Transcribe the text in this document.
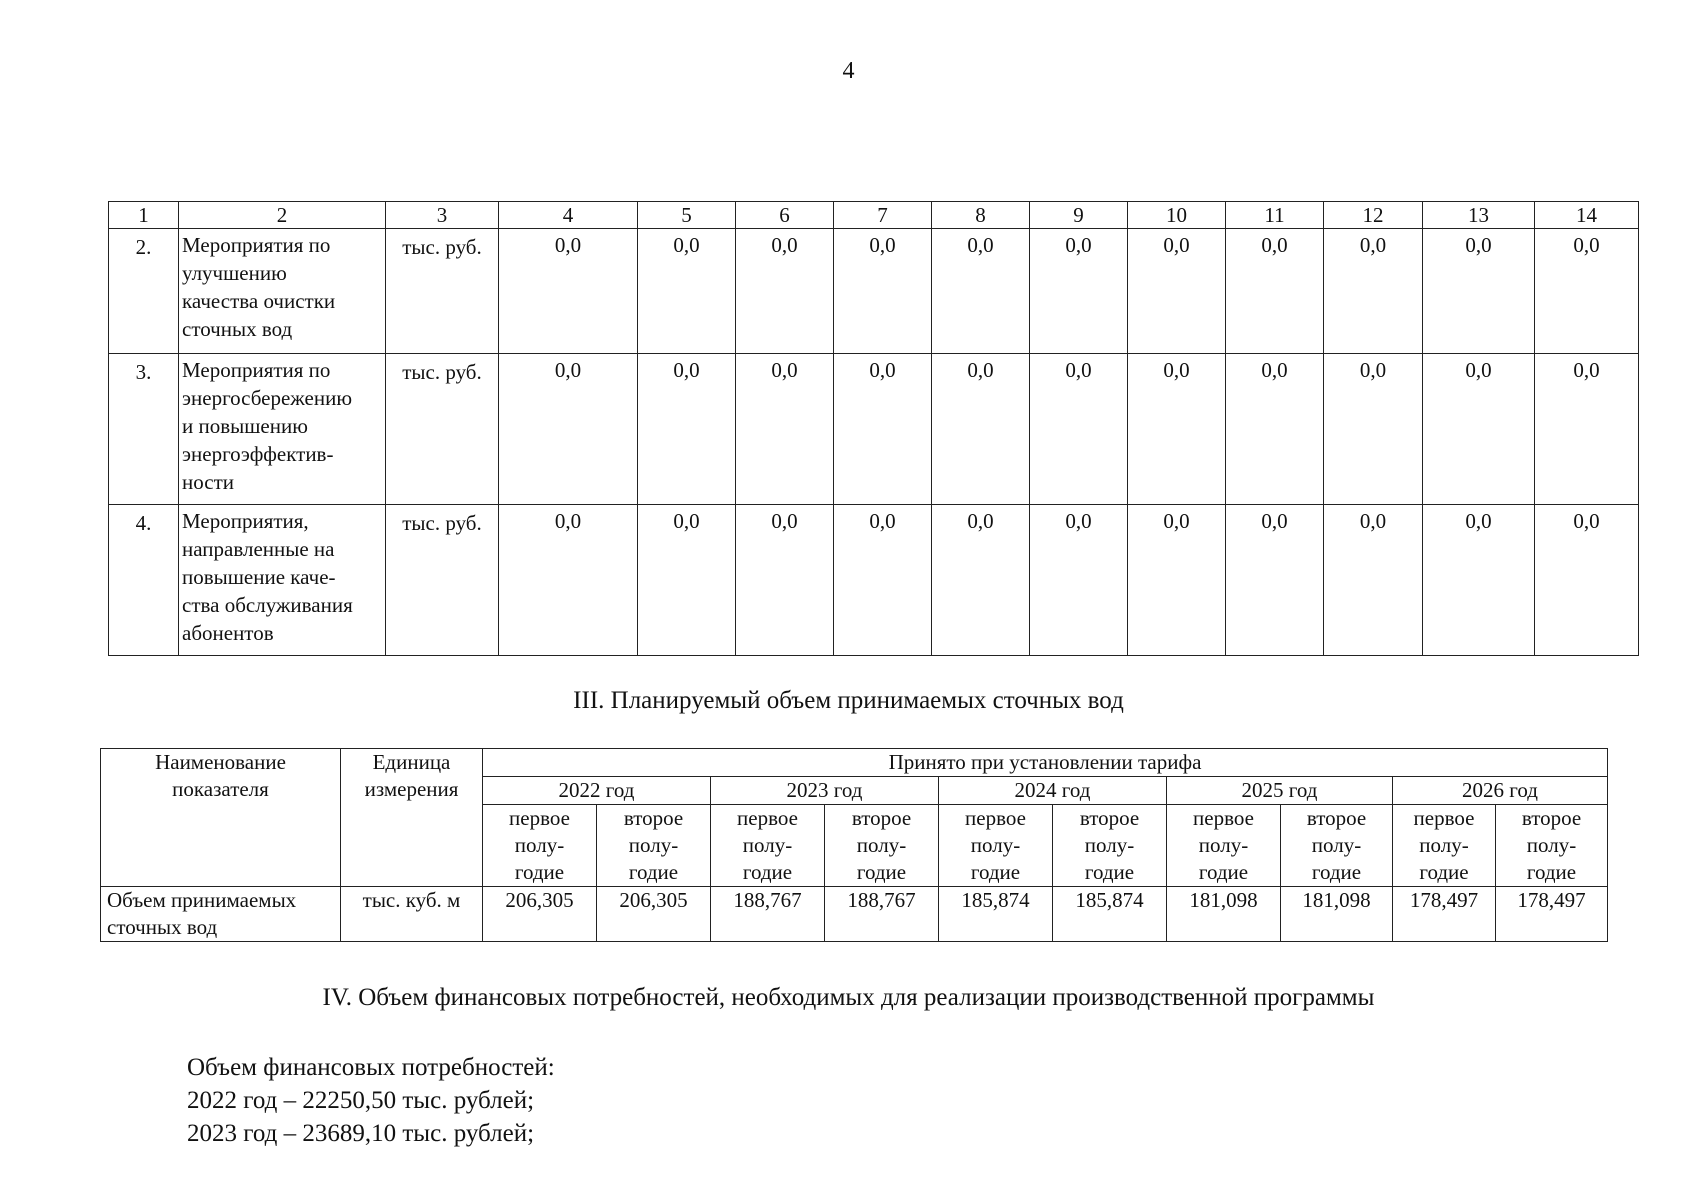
4
1	2	3	4	5	6	7	8	9	10	11	12	13	14
2.	Мероприятия по
улучшению
качества очистки
сточных вод	тыс. руб.	0,0	0,0	0,0	0,0	0,0	0,0	0,0	0,0	0,0	0,0	0,0
3.	Мероприятия по
энергосбережению
и повышению
энергоэффектив-
ности	тыс. руб.	0,0	0,0	0,0	0,0	0,0	0,0	0,0	0,0	0,0	0,0	0,0
4.	Мероприятия,
направленные на
повышение каче-
ства обслуживания
абонентов	тыс. руб.	0,0	0,0	0,0	0,0	0,0	0,0	0,0	0,0	0,0	0,0	0,0
III. Планируемый объем принимаемых сточных вод
Наименование
показателя	Единица
измерения	Принято при установлении тарифа									
		2022 год		2023 год		2024 год		2025 год		2026 год	

		первое
полу-
годие	второе
полу-
годие	первое
полу-
годие	второе
полу-
годие	первое
полу-
годие	второе
полу-
годие	первое
полу-
годие	второе
полу-
годие	первое
полу-
годие	второе
полу-
годие

Объем принимаемых
сточных вод	тыс. куб. м	206,305	206,305	188,767	188,767	185,874	185,874	181,098	181,098	178,497	178,497
IV. Объем финансовых потребностей, необходимых для реализации производственной программы
Объем финансовых потребностей:
2022 год – 22250,50 тыс. рублей;
2023 год – 23689,10 тыс. рублей;
